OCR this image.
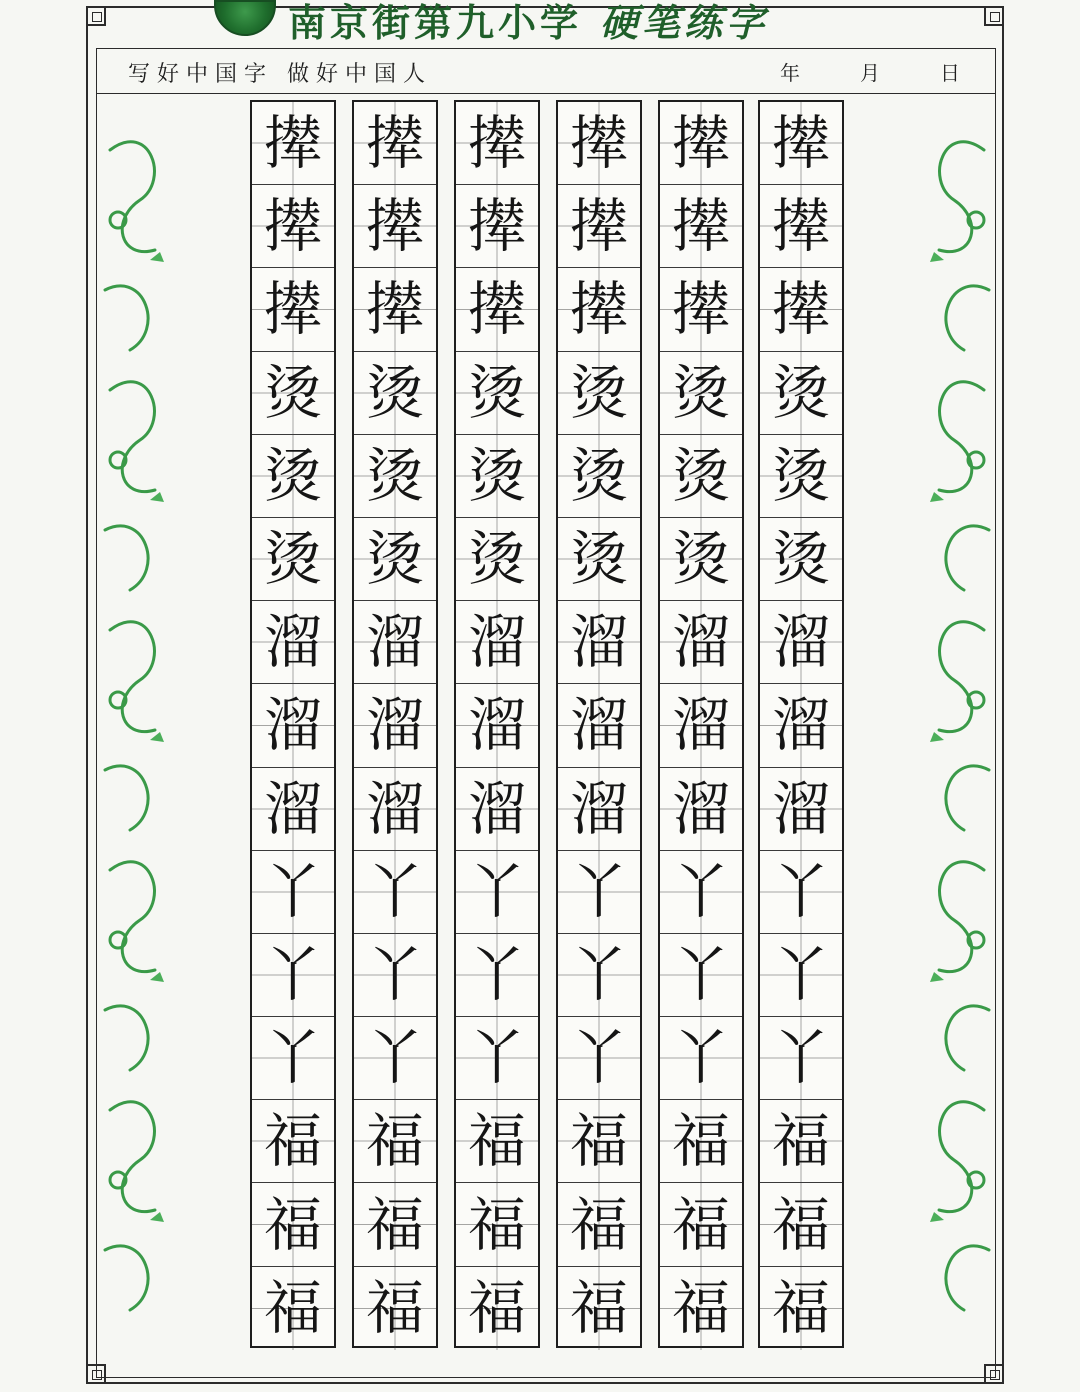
南京街第九小学 硬笔练字
写好中国字 做好中国人	年	月	日
撵
撵
撵
烫
烫
烫
溜
溜
溜
丫
丫
丫
福
福
福
撵
撵
撵
烫
烫
烫
溜
溜
溜
丫
丫
丫
福
福
福
撵
撵
撵
烫
烫
烫
溜
溜
溜
丫
丫
丫
福
福
福
撵
撵
撵
烫
烫
烫
溜
溜
溜
丫
丫
丫
福
福
福
撵
撵
撵
烫
烫
烫
溜
溜
溜
丫
丫
丫
福
福
福
撵
撵
撵
烫
烫
烫
溜
溜
溜
丫
丫
丫
福
福
福
